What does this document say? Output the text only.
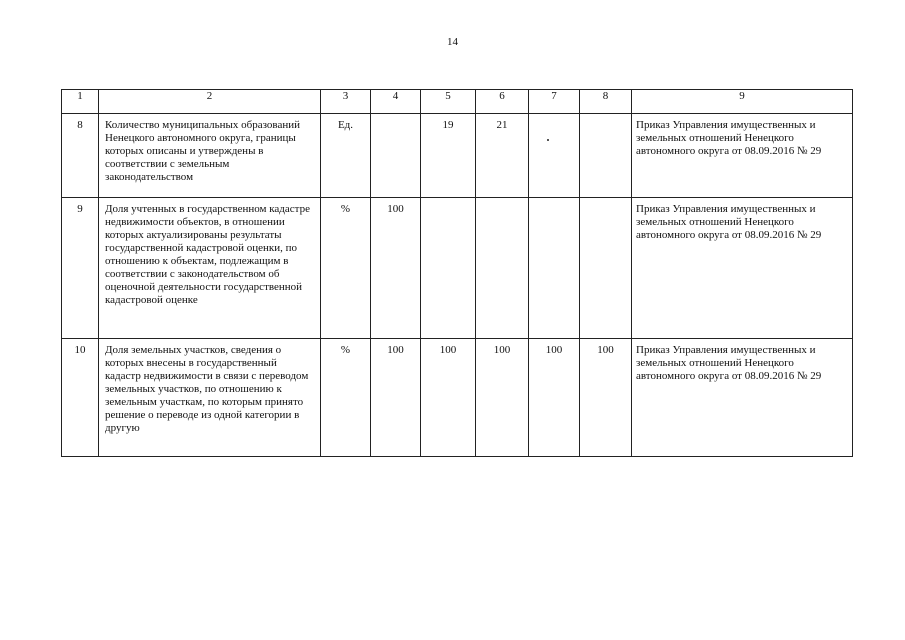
14
1	2	3	4	5	6	7	8	9
8	Количество муниципальных образований Ненецкого автономного округа, границы которых описаны и утверждены в соответствии с земельным законодательством	Ед.		19	21			Приказ Управления имущественных и земельных отношений Ненецкого автономного округа от 08.09.2016 № 29
9	Доля учтенных в государственном кадастре недвижимости объектов, в отношении которых актуализированы результаты государственной кадастровой оценки, по отношению к объектам, подлежащим в соответствии с законодательством об оценочной деятельности государственной кадастровой оценке	%	100					Приказ Управления имущественных и земельных отношений Ненецкого автономного округа от 08.09.2016 № 29
10	Доля земельных участков, сведения о которых внесены в государственный кадастр недвижимости в связи с переводом земельных участков, по отношению к земельным участкам, по которым принято решение о переводе из одной категории в другую	%	100	100	100	100	100	Приказ Управления имущественных и земельных отношений Ненецкого автономного округа от 08.09.2016 № 29
